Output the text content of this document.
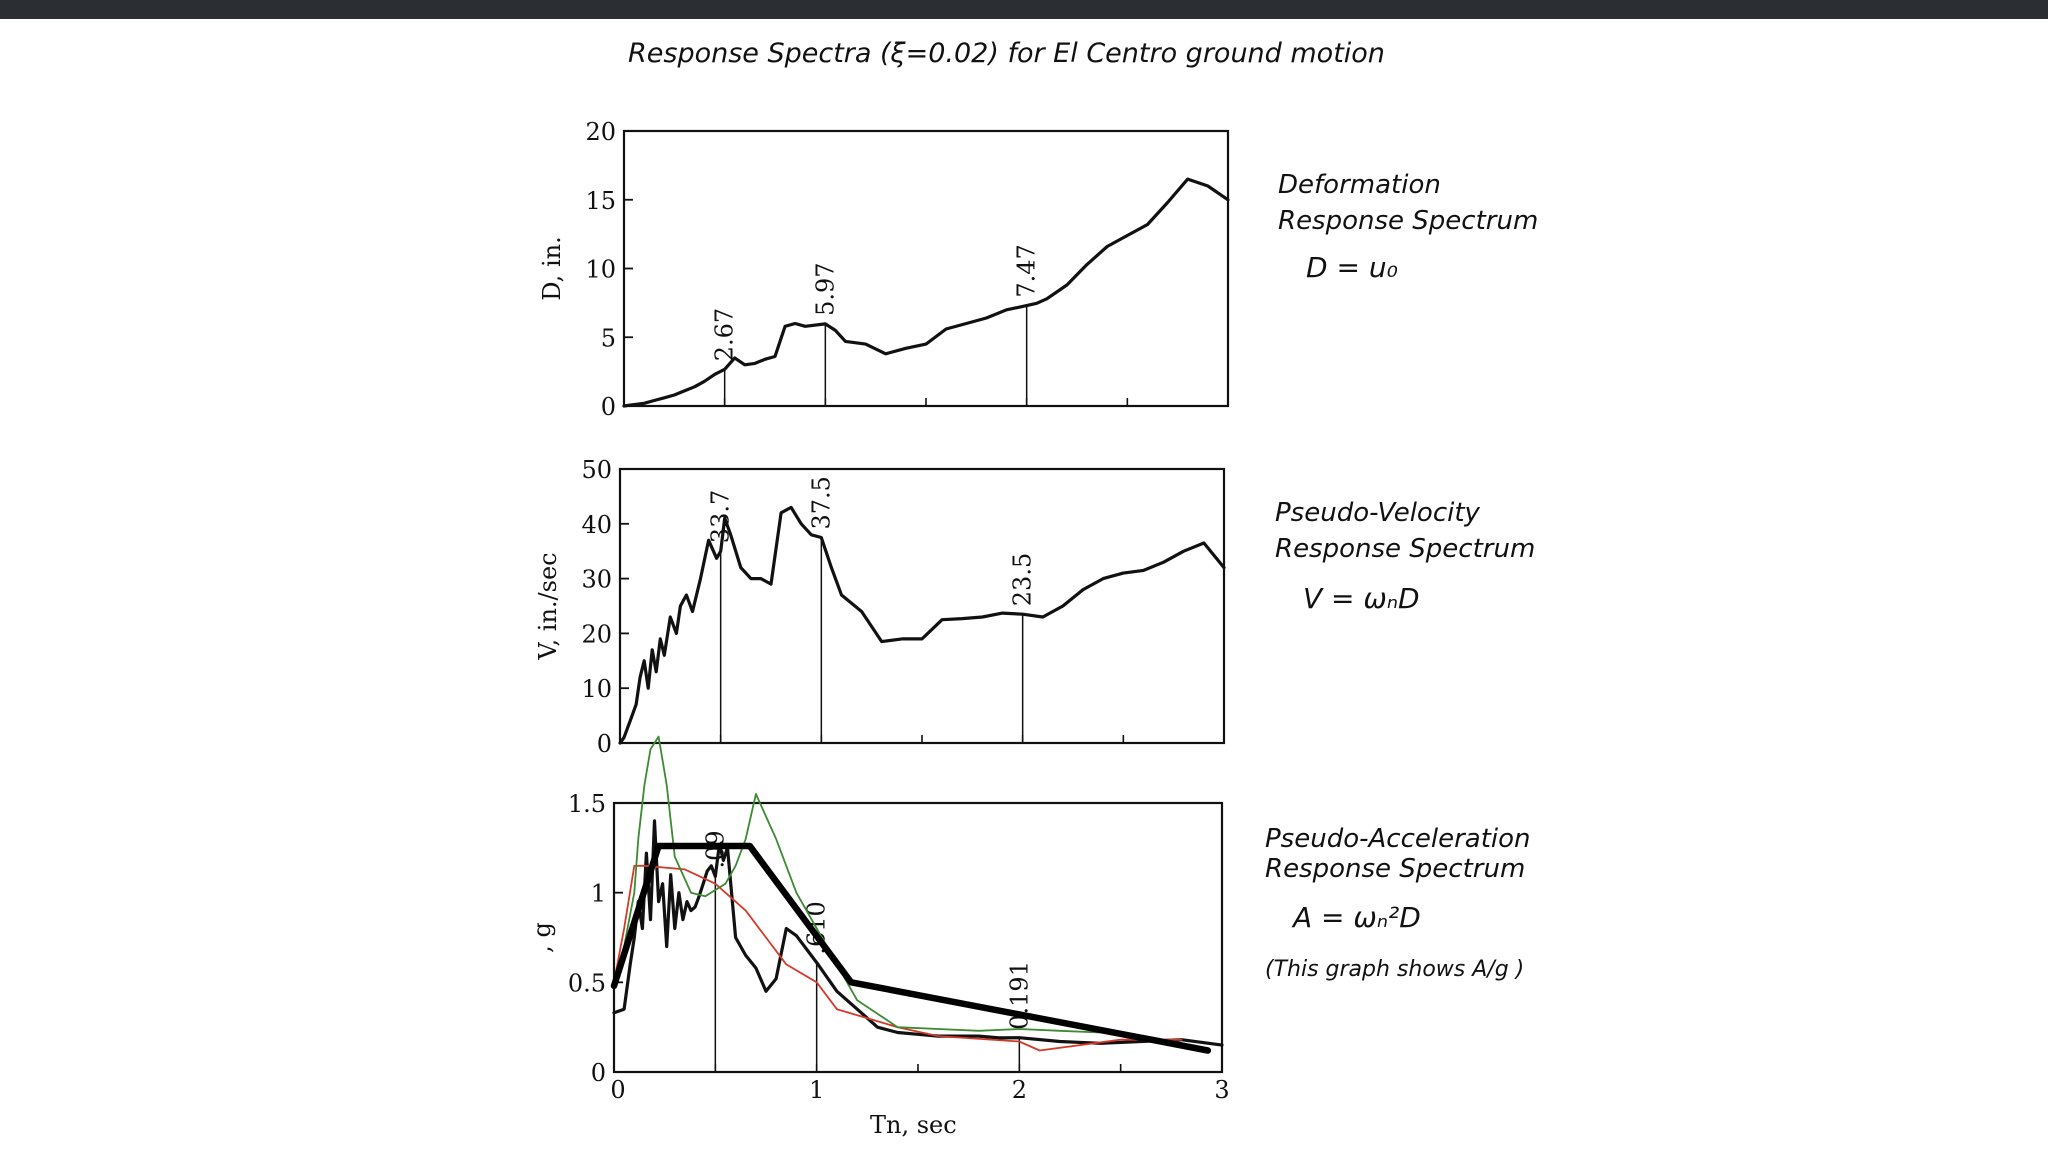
Response Spectra (ξ=0.02) for El Centro ground motion
0
5
10
15
20
D, in.
2.67
5.97	7.47
Deformation
Response Spectrum
D = u₀
0
10
20
30
40
50
V, in./sec
33.7	37.5
23.5
Pseudo-Velocity
Response Spectrum
V = ωₙD
0
0.5
1
1.5
0	1	2	3
, g
.09
.610
0.191
Pseudo-Acceleration
Response Spectrum
A = ωₙ²D
(This graph shows A/g )
Tn, sec
